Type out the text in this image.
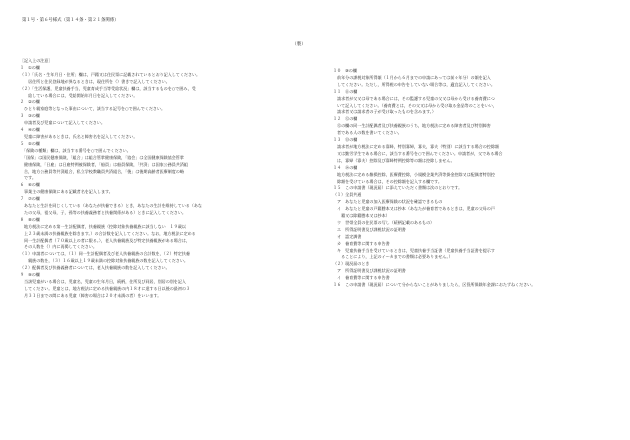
第１号・第６号様式（第１４条・第２１条関係）
（裏）

［記入上の注意］

１　①の欄

（１）「氏名・生年月日・住所」欄は，戸籍又は住民票に記載されているとおり記入してください。

　　居住所と住民登録地が異なるときは，現住所を（）書きで記入してください。

（２）「生活保護，児童扶養手当，児童育成手当等受給状況」欄は，該当するものを○で囲み，受

　　給している場合には，受給開始年月日を記入してください。

２　②の欄

　ひとり親家庭等となった事由について，該当する記号を○で囲んでください。

３　③の欄

　申請者及び児童について記入してください。

４　④の欄

　児童に障害があるときは，氏名と障害名を記入してください。

５　⑤の欄

　「保険の種類」欄は，該当する番号を○で囲んでください。

　「国保」は国民健康保険，「組合」は組合管掌健康保険，「協会」は全国健康保険協会管掌

　健康保険，「日雇」は日雇特例被保険者，「船員」は船員保険，「共済」は国家公務員共済組

　合，地方公務員等共済組合，私立学校教職員共済組合，「後」は後期高齢者医療制度の略

　です。

６　⑥の欄

　事業主の健康保険にある記載者名を記入します。

７　⑦の欄

　あなたと生計を同じくしている（あなたが扶養できる）とき，あなたの生計を維持している（あな

　たの父母，祖父母，子，孫等の扶養義務者と扶養関係がある）ときに記入してください。

８　⑧の欄

　地方税法に定める第一生計配偶者，扶養親族（控除対象扶養親族に該当しない　１９歳以

　上２３歳未満の扶養親族を除きます。）の合計数を記入してください。なお，地方税法に定める

　同一生計配偶者（７０歳以上の者に限る。），老人扶養親族及び特定扶養親族がある場合は，

　その人数を（）内に再掲してください。

（１）申請者については，（１）同一生計配偶者及び老人扶養親族の合計数を，（２）特定扶養

　　親族の数を，（３）１６歳以上１９歳未満の控除対象扶養親族の数を記入してください。

（２）配偶者及び扶養義務者については，老人扶養親族の数を記入してください。

９　⑨の欄

　当該児童がいる場合は，児童名，児童の生年月日，続柄，住所及び同居，別居の別を記入

　してください。児童とは，地方税法に定める扶養親族の内１８才に達する日以後の最初の３

　月３１日までの間にある児童（障害の場合は２０才未満の者）をいいます。

１０　⑩の欄

　前年分の課税対象所得額（１月から６月までの申請にあっては前々年分）の額を記入

　してください。ただし，所得税の申告をしていない場合等は，適宜記入してください。

１１　⑪の欄

　請求者が父又は母である場合には，その監護する児童の父又は母から受ける養育費につ

　いて記入してください。（養育費とは，その父又は母から受け取る金品等のことをいい，

　請求者又は請求者の子が受け取ったものを含みます。）

１２　⑫の欄

　⑫の欄の同一生計配偶者及び扶養親族のうち，地方税法に定める障害者及び特別障害

　者である人の数を書いてください。

１３　⑬の欄

　請求者が地方税法に定める寡婦，特別寡婦，寡夫，寡夫（特別）に該当する場合の控除額

　又は勤労学生である場合に，該当する番号を○で囲んでください。申請者が，父である場合

　は，寡婦（寡夫）控除及び寡婦特例控除等の額は控除しません。

１４　⑭の欄

　地方税法に定める雑損控除，医療費控除，小規模企業共済等掛金控除又は配偶者特別控

　除額を受けている場合は，その控除額を記入する欄です。

１５　この申請書（現況届）に添えていただく書類は次のとおりです。

（１）全員共通

　ア　あなたと児童の加入医療保険の状況を確認できるもの

　イ　あなたと児童の戸籍謄本又は抄本（あなたが養育者であるときは，児童の父母の戸

　　籍又は除籍謄本又は抄本）

　ウ　世帯全員の住民票の写し（続柄記載のあるもの）

　エ　所得証明書及び課税状況の証明書

　オ　認定調書

　カ　養育費等に関する申告書

　キ　児童扶養手当を受けているときは，児童扶養手当証書（児童扶養手当証書を提示す

　　ることにより，上記のイ～カまでの書類は必要ありません。）

（２）現況届のとき

　ア　所得証明書及び課税状況の証明書

　イ　養育費等に関する申告書

１６　この申請書（現況届）について分からないことがありましたら，区役所保険年金課におたずねください。
